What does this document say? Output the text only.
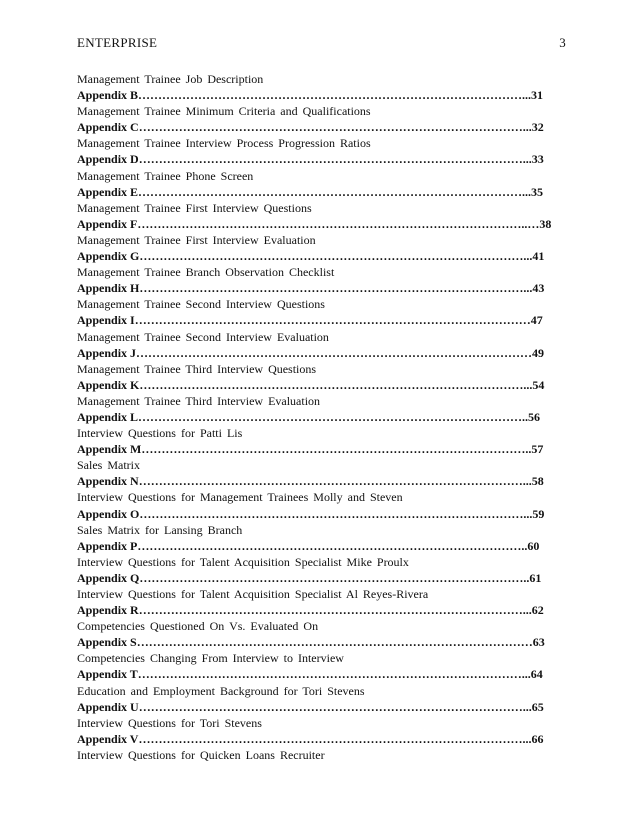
ENTERPRISE	3
Management Trainee Job Description
Appendix B……………………………………………………………………………………...31
Management Trainee Minimum Criteria and Qualifications
Appendix C……………………………………………………………………………………...32
Management Trainee Interview Process Progression Ratios
Appendix D……………………………………………………………………………………...33
Management Trainee Phone Screen
Appendix E……………………………………………………………………………………...35
Management Trainee First Interview Questions
Appendix F……………………………………………………………………………………..…38
Management Trainee First Interview Evaluation
Appendix G……………………………………………………………………………………...41
Management Trainee Branch Observation Checklist
Appendix H……………………………………………………………………………………...43
Management Trainee Second Interview Questions
Appendix I………………………………………………………………………………………47
Management Trainee Second Interview Evaluation
Appendix J………………………………………………………………………………………49
Management Trainee Third Interview Questions
Appendix K……………………………………………………………………………………...54
Management Trainee Third Interview Evaluation
Appendix L……………………………………………………………………………………..56
Interview Questions for Patti Lis
Appendix M……………………………………………………………………………………..57
Sales Matrix
Appendix N……………………………………………………………………………………...58
Interview Questions for Management Trainees Molly and Steven
Appendix O……………………………………………………………………………………...59
Sales Matrix for Lansing Branch
Appendix P……………………………………………………………………………………..60
Interview Questions for Talent Acquisition Specialist Mike Proulx
Appendix Q……………………………………………………………………………………..61
Interview Questions for Talent Acquisition Specialist Al Reyes-Rivera
Appendix R……………………………………………………………………………………...62
Competencies Questioned On Vs. Evaluated On
Appendix S………………………………………………………………………………………63
Competencies Changing From Interview to Interview
Appendix T……………………………………………………………………………………...64
Education and Employment Background for Tori Stevens
Appendix U……………………………………………………………………………………...65
Interview Questions for Tori Stevens
Appendix V……………………………………………………………………………………...66
Interview Questions for Quicken Loans Recruiter
